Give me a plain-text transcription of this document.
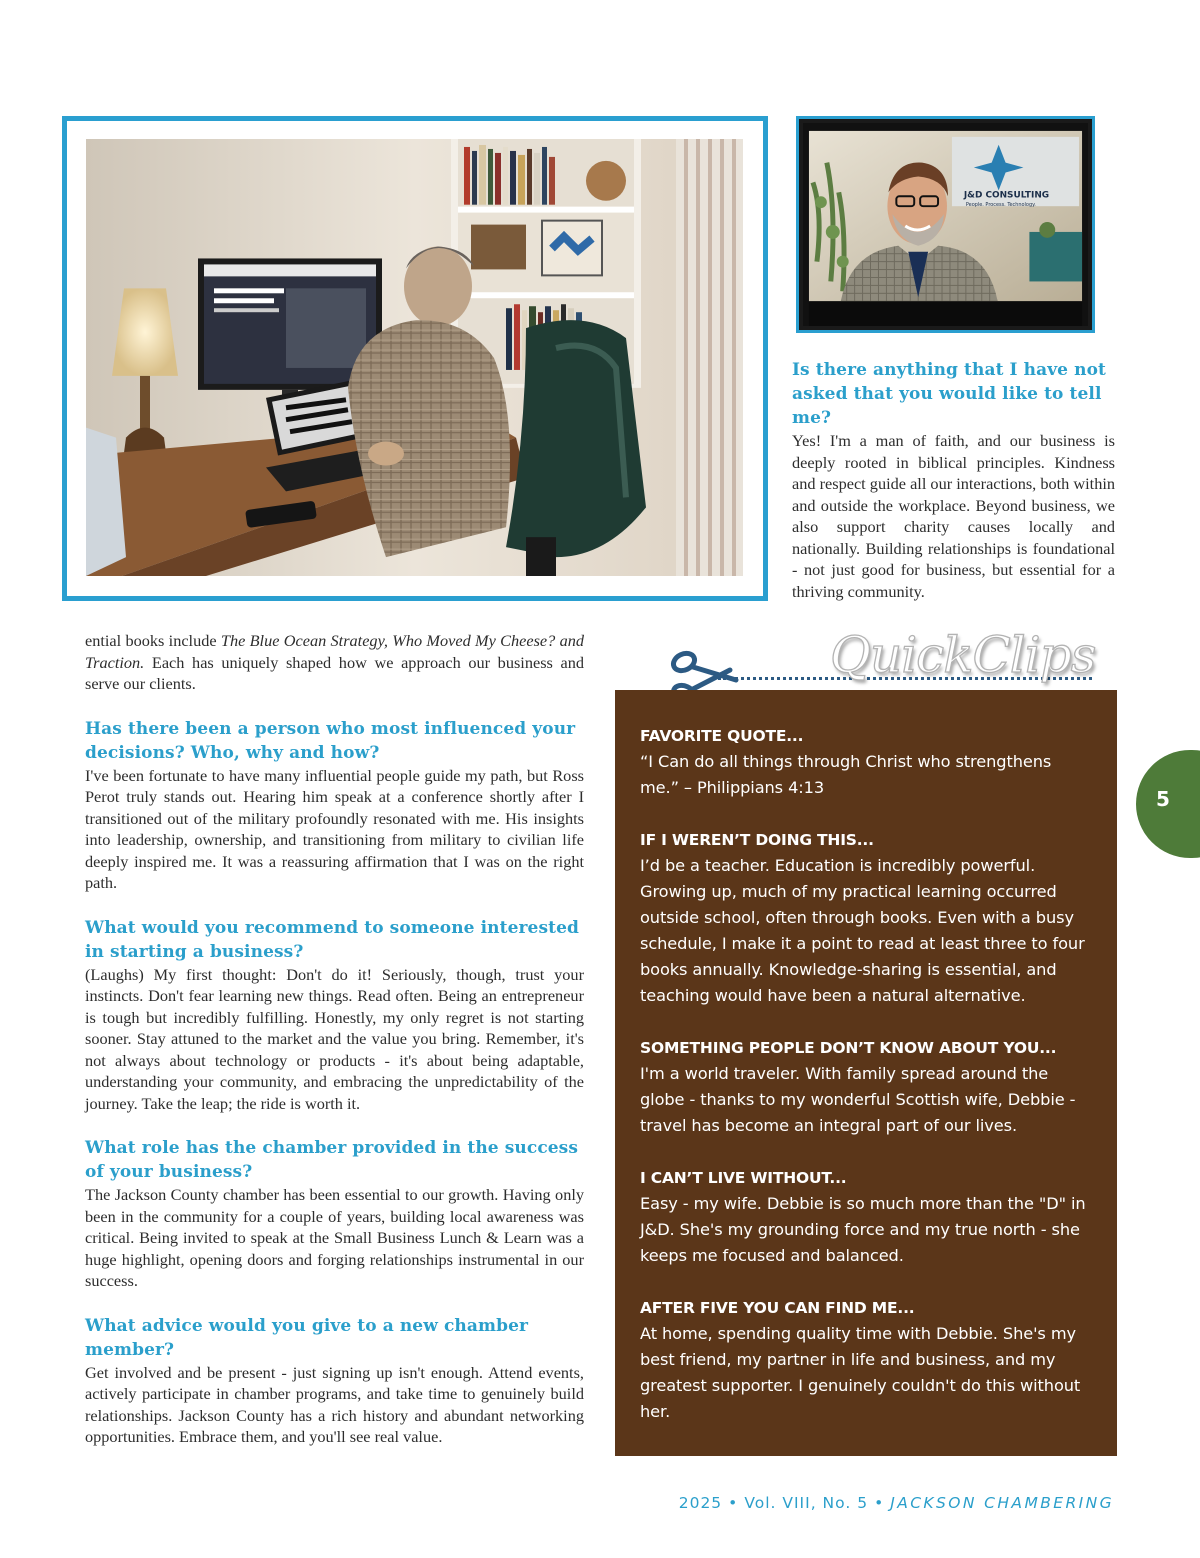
J&D CONSULTING
People. Process. Technology.
Is there anything that I have not asked that you would like to tell me?

Yes! I'm a man of faith, and our business is deeply rooted in biblical principles. Kindness and respect guide all our interactions, both within and outside the workplace. Beyond business, we also support charity causes locally and nationally. Building relationships is foundational - not just good for business, but essential for a thriving community.

ential books include The Blue Ocean Strategy, Who Moved My Cheese? and Traction. Each has uniquely shaped how we approach our business and serve our clients.

Has there been a person who most influenced your decisions? Who, why and how?

I've been fortunate to have many influential people guide my path, but Ross Perot truly stands out. Hearing him speak at a conference shortly after I transitioned out of the military profoundly resonated with me. His insights into leadership, ownership, and transitioning from military to civilian life deeply inspired me. It was a reassuring affirmation that I was on the right path.

What would you recommend to someone interested in starting a business?

(Laughs) My first thought: Don't do it! Seriously, though, trust your instincts. Don't fear learning new things. Read often. Being an entrepreneur is tough but incredibly fulfilling. Honestly, my only regret is not starting sooner. Stay attuned to the market and the value you bring. Remember, it's not always about technology or products - it's about being adaptable, understanding your community, and embracing the unpredictability of the journey. Take the leap; the ride is worth it.

What role has the chamber provided in the success of your business?

The Jackson County chamber has been essential to our growth. Having only been in the community for a couple of years, building local awareness was critical. Being invited to speak at the Small Business Lunch & Learn was a huge highlight, opening doors and forging relationships instrumental in our success.

What advice would you give to a new chamber member?

Get involved and be present - just signing up isn't enough. Attend events, actively participate in chamber programs, and take time to genuinely build relationships. Jackson County has a rich history and abundant networking opportunities. Embrace them, and you'll see real value.

QuickClips
FAVORITE QUOTE...
“I Can do all things through Christ who strengthens me.” – Philippians 4:13
IF I WEREN’T DOING THIS...
I’d be a teacher. Education is incredibly powerful. Growing up, much of my practical learning occurred outside school, often through books. Even with a busy schedule, I make it a point to read at least three to four books annually. Knowledge-sharing is essential, and teaching would have been a natural alternative.
SOMETHING PEOPLE DON’T KNOW ABOUT YOU...
I'm a world traveler. With family spread around the globe - thanks to my wonderful Scottish wife, Debbie - travel has become an integral part of our lives.
I CAN’T LIVE WITHOUT...
Easy - my wife. Debbie is so much more than the "D" in J&D. She's my grounding force and my true north - she keeps me focused and balanced.
AFTER FIVE YOU CAN FIND ME...
At home, spending quality time with Debbie. She's my best friend, my partner in life and business, and my greatest supporter. I genuinely couldn't do this without her.
5
2025 • Vol. VIII, No. 5 • JACKSON CHAMBERING
